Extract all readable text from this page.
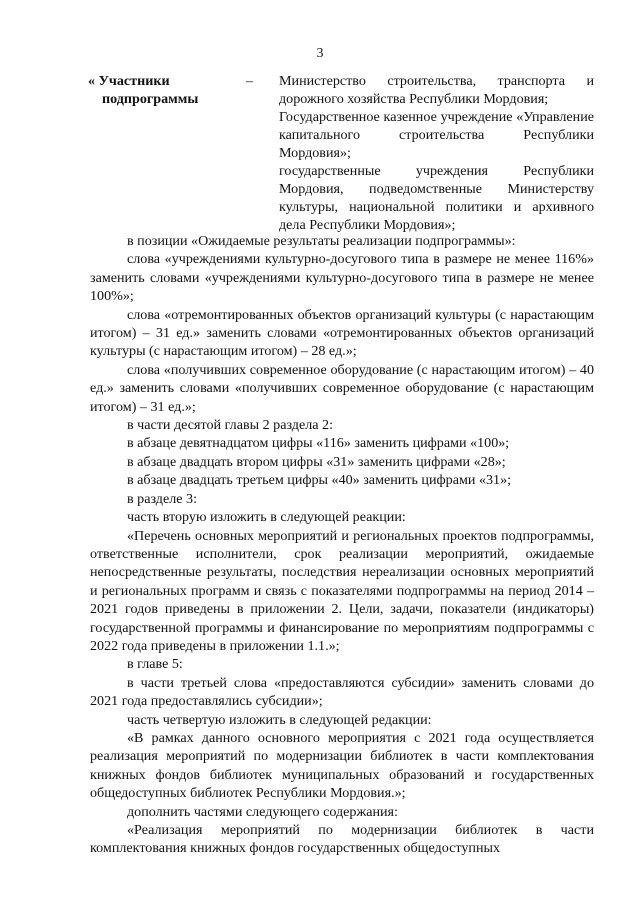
3
« Участники
подпрограммы
–	Министерство строительства, транспорта и дорожного хозяйства Республики Мордовия;

Государственное казенное учреждение «Управление капитального строительства Республики Мордовия»;

государственные учреждения Республики Мордовия, подведомственные Министерству культуры, национальной политики и архивного дела Республики Мордовия»;

в позиции «Ожидаемые результаты реализации подпрограммы»:

слова «учреждениями культурно-досугового типа в размере не менее 116%» заменить словами «учреждениями культурно-досугового типа в размере не менее 100%»;

слова «отремонтированных объектов организаций культуры (с нарастающим итогом) – 31 ед.» заменить словами «отремонтированных объектов организаций культуры (с нарастающим итогом) – 28 ед.»;

слова «получивших современное оборудование (с нарастающим итогом) – 40 ед.» заменить словами «получивших современное оборудование (с нарастающим итогом) – 31 ед.»;

в части десятой главы 2 раздела 2:

в абзаце девятнадцатом цифры «116» заменить цифрами «100»;

в абзаце двадцать втором цифры «31» заменить цифрами «28»;

в абзаце двадцать третьем цифры «40» заменить цифрами «31»;

в разделе 3:

часть вторую изложить в следующей реакции:

«Перечень основных мероприятий и региональных проектов подпрограммы, ответственные исполнители, срок реализации мероприятий, ожидаемые непосредственные результаты, последствия нереализации основных мероприятий и региональных программ и связь с показателями подпрограммы на период 2014 – 2021 годов приведены в приложении 2. Цели, задачи, показатели (индикаторы) государственной программы и финансирование по мероприятиям подпрограммы с 2022 года приведены в приложении 1.1.»;

в главе 5:

в части третьей слова «предоставляются субсидии» заменить словами до 2021 года предоставлялись субсидии»;

часть четвертую изложить в следующей редакции:

«В рамках данного основного мероприятия с 2021 года осуществляется реализация мероприятий по модернизации библиотек в части комплектования книжных фондов библиотек муниципальных образований и государственных общедоступных библиотек Республики Мордовия.»;

дополнить частями следующего содержания:

«Реализация мероприятий по модернизации библиотек в части комплектования книжных фондов государственных общедоступных
